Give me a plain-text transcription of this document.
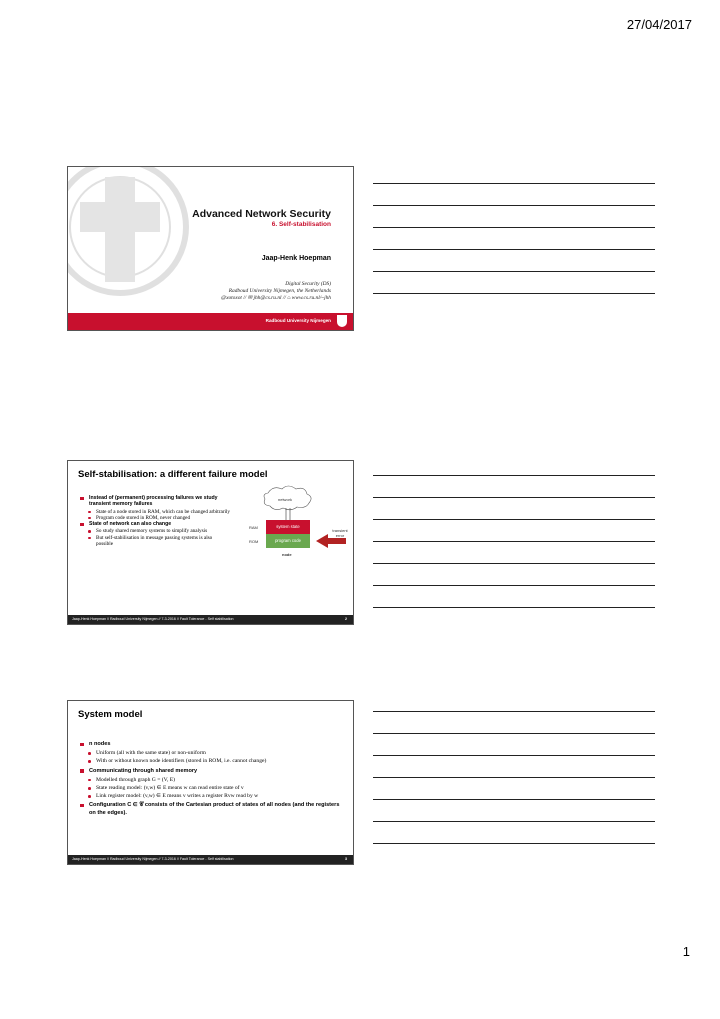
27/04/2017
Advanced Network Security
6. Self-stabilisation
Jaap-Henk Hoepman
Digital Security (DS)
Radboud University Nijmegen, the Netherlands
@xotoxot // ✉ jhh@cs.ru.nl // ⌂ www.cs.ru.nl/~jhh
Radboud University Nijmegen
Self-stabilisation: a different failure model
Instead of (permanent) processing failures we study transient memory failures
State of a node stored in RAM, which can be changed arbitrarily
Program code stored in ROM, never changed
State of network can also change
So study shared memory systems to simplify analysis
But self-stabilisation in message passing systems is also possible
network
RAM
ROM
system state
program code
node
transient error
Jaap-Henk Hoepman // Radboud University Nijmegen // 7-3-2016 // Fault Tolerance - Self stabilisation	2
System model
n nodes
Uniform (all with the same state) or non-uniform
With or without known node identifiers (stored in ROM, i.e. cannot change)
Communicating through shared memory
Modelled through graph G = (V, E)
State reading model: (v,w) ∈ E means w can read entire state of v
Link register model: (v,w) ∈ E means v writes a register Rvw read by w
Configuration C ∈ 𝒞 consists of the Cartesian product of states of all nodes (and the registers on the edges).
Jaap-Henk Hoepman // Radboud University Nijmegen // 7-3-2016 // Fault Tolerance - Self stabilisation	3
1
